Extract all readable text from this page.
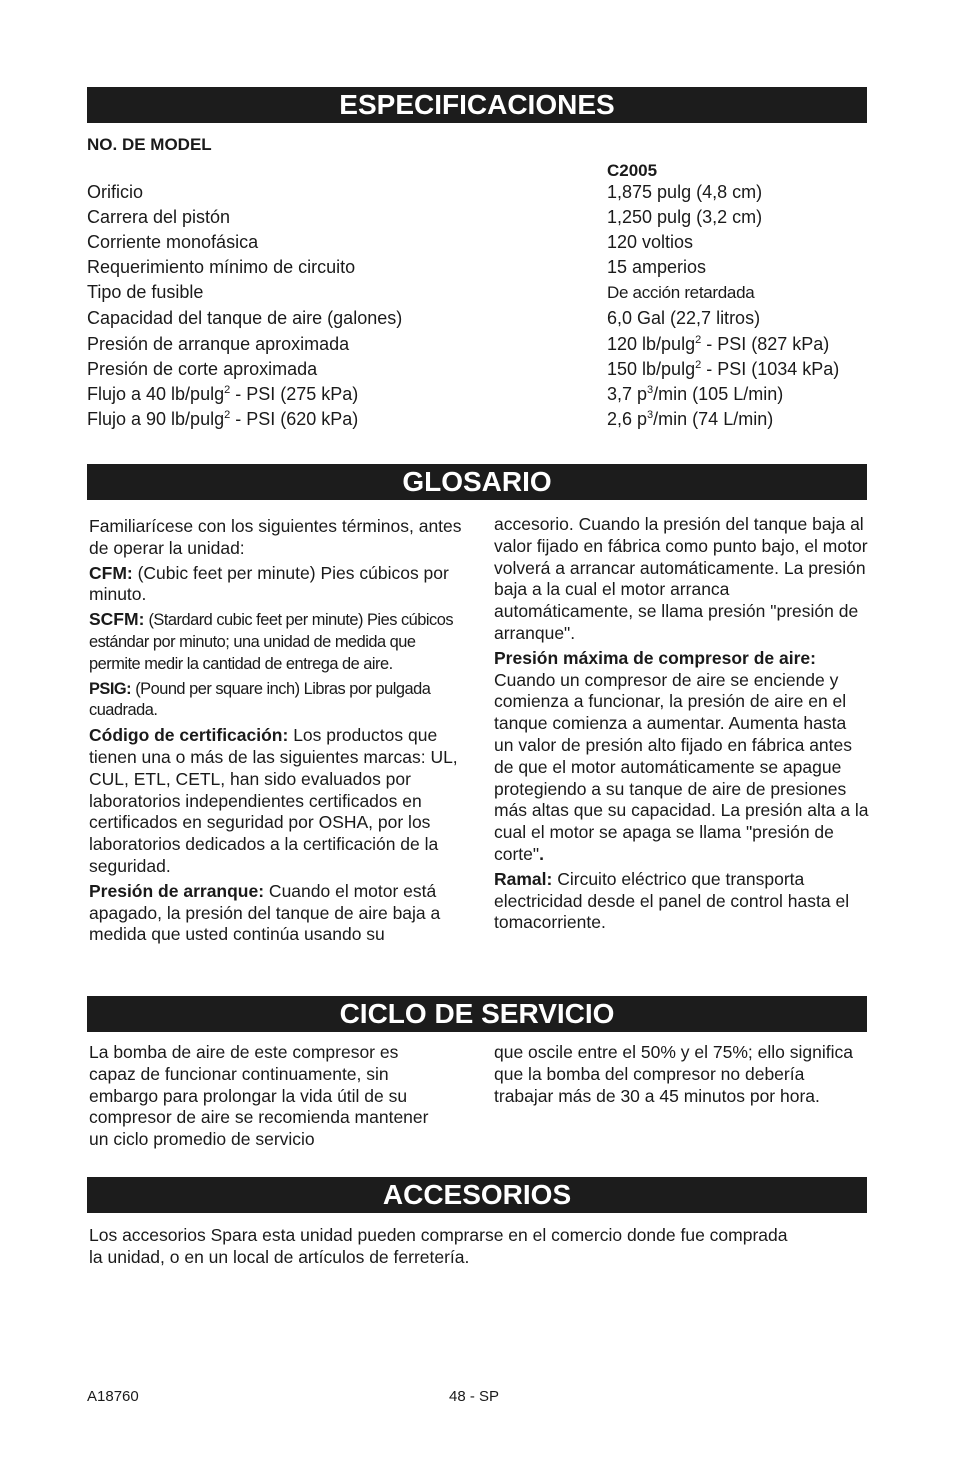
ESPECIFICACIONES
NO. DE MODEL
C2005
Orificio	1,875 pulg (4,8 cm)
Carrera del pistón	1,250 pulg (3,2 cm)
Corriente monofásica	120 voltios
Requerimiento mínimo de circuito	15 amperios
Tipo de fusible	De acción retardada
Capacidad del tanque de aire (galones)	6,0 Gal (22,7 litros)
Presión de arranque aproximada	120 lb/pulg$^2$ - PSI (827 kPa)
Presión de corte aproximada	150 lb/pulg$^2$ - PSI (1034 kPa)
Flujo a 40 lb/pulg$^2$ - PSI (275 kPa)	3,7 $p^3/\min$ (105 L/min)
Flujo a 90 lb/pulg$^2$ - PSI (620 kPa)	2,6 $p^3/\min$ (74 L/min)
GLOSARIO

Familiarícese con los siguientes términos, antes de operar la unidad:

CFM: (Cubic feet per minute) Pies cúbicos por minuto.

SCFM: (Stardard cubic feet per minute) Pies cúbicos estándar por minuto; una unidad de medida que permite medir la cantidad de entrega de aire.

PSIG: (Pound per square inch) Libras por pulgada cuadrada.

Código de certificación: Los productos que tienen una o más de las siguientes marcas: UL, CUL, ETL, CETL, han sido evaluados por laboratorios independientes certificados en certificados en seguridad por OSHA, por los laboratorios dedicados a la certificación de la seguridad.

Presión de arranque: Cuando el motor está apagado, la presión del tanque de aire baja a medida que usted continúa usando su

accesorio. Cuando la presión del tanque baja al valor fijado en fábrica como punto bajo, el motor volverá a arrancar automáticamente. La presión baja a la cual el motor arranca automáticamente, se llama presión "presión de arranque".

Presión máxima de compresor de aire:
Cuando un compresor de aire se enciende y comienza a funcionar, la presión de aire en el tanque comienza a aumentar. Aumenta hasta un valor de presión alto fijado en fábrica antes de que el motor automáticamente se apague protegiendo a su tanque de aire de presiones más altas que su capacidad. La presión alta a la cual el motor se apaga se llama "presión de corte".

Ramal: Circuito eléctrico que transporta electricidad desde el panel de control hasta el tomacorriente.

CICLO DE SERVICIO
La bomba de aire de este compresor es capaz de funcionar continuamente, sin embargo para prolongar la vida útil de su compresor de aire se recomienda mantener un ciclo promedio de servicio
que oscile entre el 50% y el 75%; ello significa que la bomba del compresor no debería trabajar más de 30 a 45 minutos por hora.
ACCESORIOS
Los accesorios Spara esta unidad pueden comprarse en el comercio donde fue comprada la unidad, o en un local de artículos de ferretería.
A18760	48 - SP
